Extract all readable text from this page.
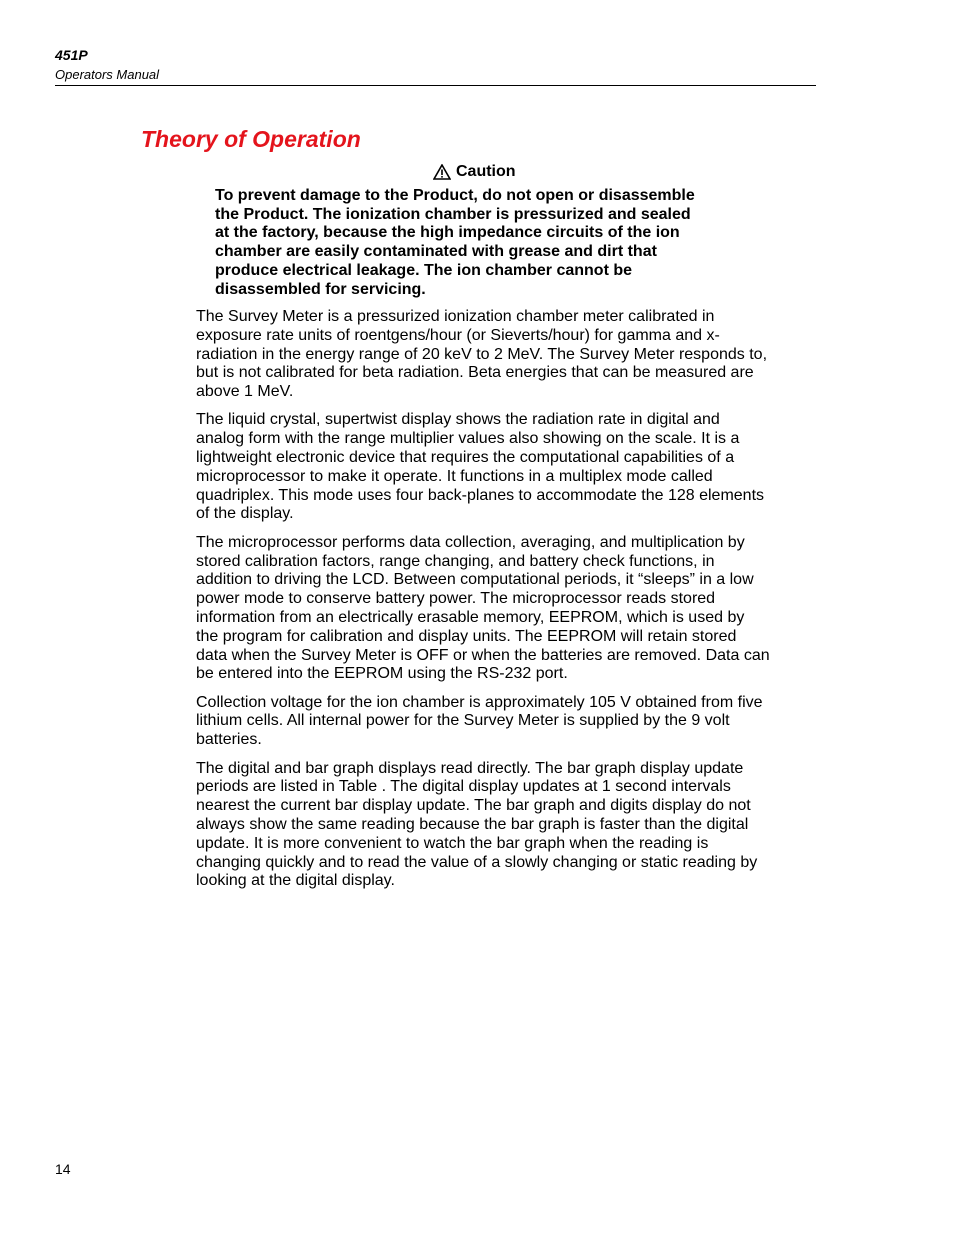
451P
Operators Manual
Theory of Operation
Caution
To prevent damage to the Product, do not open or disassemble
the Product. The ionization chamber is pressurized and sealed
at the factory, because the high impedance circuits of the ion
chamber are easily contaminated with grease and dirt that
produce electrical leakage. The ion chamber cannot be
disassembled for servicing.

The Survey Meter is a pressurized ionization chamber meter calibrated in
exposure rate units of roentgens/hour (or Sieverts/hour) for gamma and x-
radiation in the energy range of 20 keV to 2 MeV. The Survey Meter responds to,
but is not calibrated for beta radiation. Beta energies that can be measured are
above 1 MeV.

The liquid crystal, supertwist display shows the radiation rate in digital and
analog form with the range multiplier values also showing on the scale. It is a
lightweight electronic device that requires the computational capabilities of a
microprocessor to make it operate. It functions in a multiplex mode called
quadriplex. This mode uses four back-planes to accommodate the 128 elements
of the display.

The microprocessor performs data collection, averaging, and multiplication by
stored calibration factors, range changing, and battery check functions, in
addition to driving the LCD. Between computational periods, it “sleeps” in a low
power mode to conserve battery power. The microprocessor reads stored
information from an electrically erasable memory, EEPROM, which is used by
the program for calibration and display units. The EEPROM will retain stored
data when the Survey Meter is OFF or when the batteries are removed. Data can
be entered into the EEPROM using the RS-232 port.

Collection voltage for the ion chamber is approximately 105 V obtained from five
lithium cells. All internal power for the Survey Meter is supplied by the 9 volt
batteries.

The digital and bar graph displays read directly. The bar graph display update
periods are listed in Table . The digital display updates at 1 second intervals
nearest the current bar display update. The bar graph and digits display do not
always show the same reading because the bar graph is faster than the digital
update. It is more convenient to watch the bar graph when the reading is
changing quickly and to read the value of a slowly changing or static reading by
looking at the digital display.

14
